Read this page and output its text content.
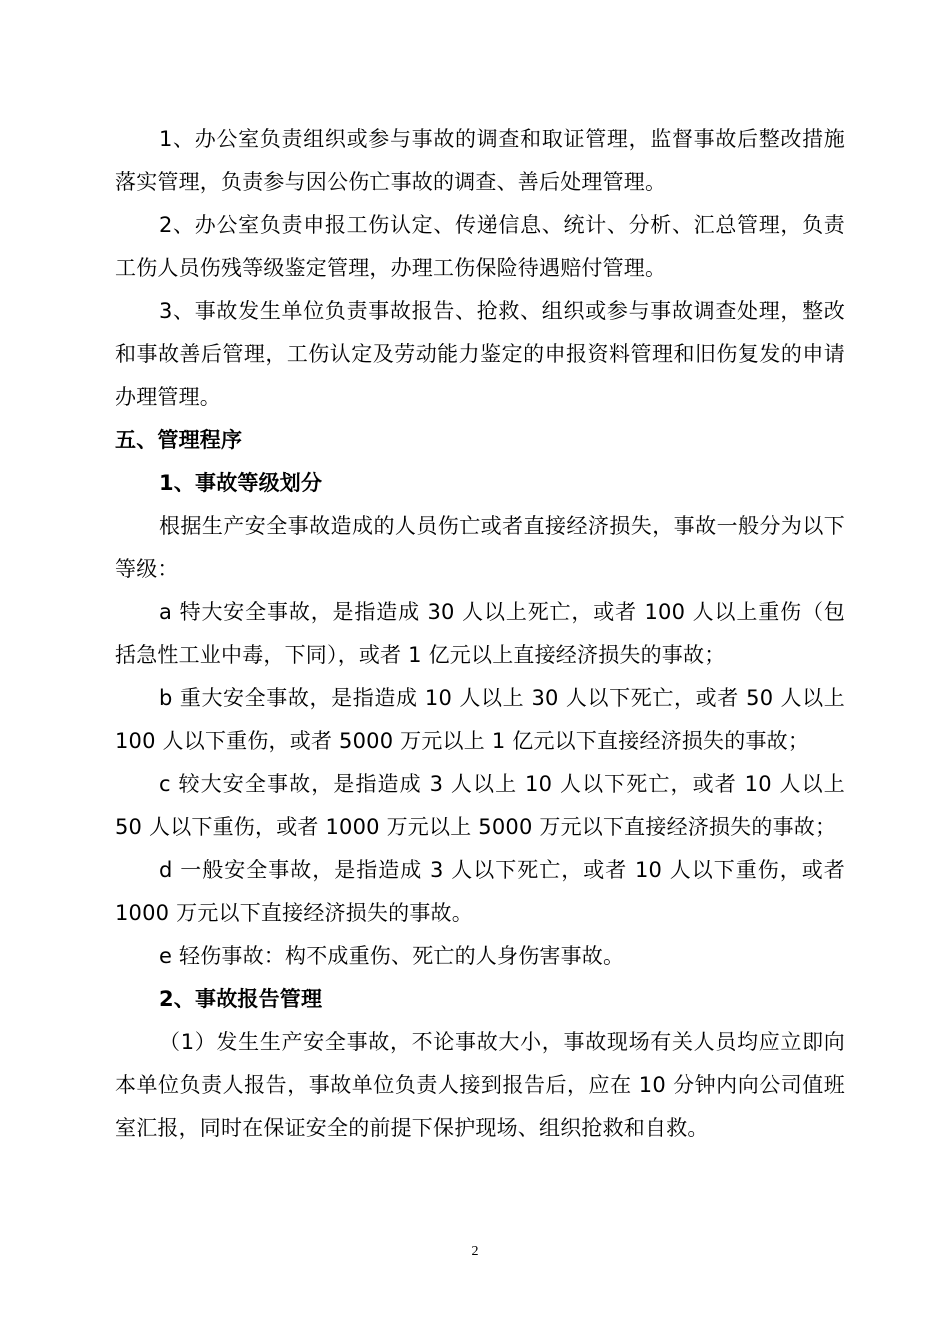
1、办公室负责组织或参与事故的调查和取证管理，监督事故后整改措施落实管理，负责参与因公伤亡事故的调查、善后处理管理。

2、办公室负责申报工伤认定、传递信息、统计、分析、汇总管理，负责工伤人员伤残等级鉴定管理，办理工伤保险待遇赔付管理。

3、事故发生单位负责事故报告、抢救、组织或参与事故调查处理，整改和事故善后管理，工伤认定及劳动能力鉴定的申报资料管理和旧伤复发的申请办理管理。

五、管理程序

1、事故等级划分

根据生产安全事故造成的人员伤亡或者直接经济损失，事故一般分为以下等级：

a 特大安全事故，是指造成 30 人以上死亡，或者 100 人以上重伤（包括急性工业中毒，下同），或者 1 亿元以上直接经济损失的事故；

b 重大安全事故，是指造成 10 人以上 30 人以下死亡，或者 50 人以上 100 人以下重伤，或者 5000 万元以上 1 亿元以下直接经济损失的事故；

c 较大安全事故，是指造成 3 人以上 10 人以下死亡，或者 10 人以上 50 人以下重伤，或者 1000 万元以上 5000 万元以下直接经济损失的事故；

d 一般安全事故，是指造成 3 人以下死亡，或者 10 人以下重伤，或者 1000 万元以下直接经济损失的事故。

e 轻伤事故：构不成重伤、死亡的人身伤害事故。

2、事故报告管理

（1）发生生产安全事故，不论事故大小，事故现场有关人员均应立即向本单位负责人报告，事故单位负责人接到报告后，应在 10 分钟内向公司值班室汇报，同时在保证安全的前提下保护现场、组织抢救和自救。

2
